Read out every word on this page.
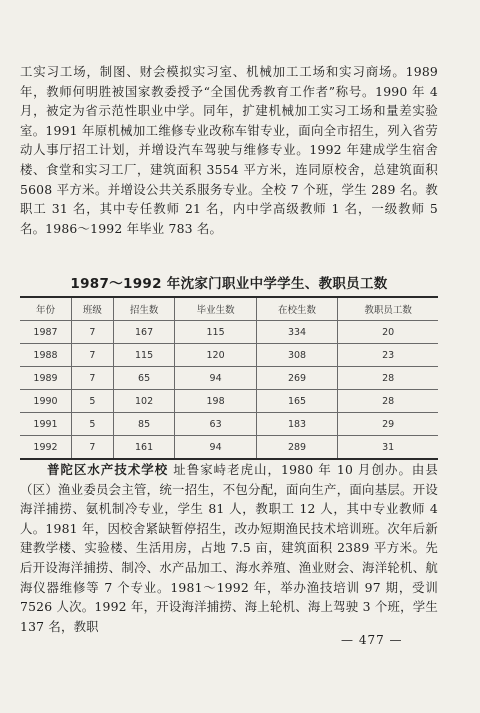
工实习工场，制图、财会模拟实习室、机械加工工场和实习商场。1989 年，教师何明胜被国家教委授予“全国优秀教育工作者”称号。1990 年 4 月，被定为省示范性职业中学。同年，扩建机械加工实习工场和量差实验室。1991 年原机械加工维修专业改称车钳专业，面向全市招生，列入省劳动人事厅招工计划，并增设汽车驾驶与维修专业。1992 年建成学生宿舍楼、食堂和实习工厂，建筑面积 3554 平方米，连同原校舍，总建筑面积 5608 平方米。并增设公共关系服务专业。全校 7 个班，学生 289 名。教职工 31 名，其中专任教师 21 名，内中学高级教师 1 名，一级教师 5 名。1986～1992 年毕业 783 名。

1987～1992 年沈家门职业中学学生、教职员工数
年份	班级	招生数	毕业生数	在校生数	教职员工数
1987	7	167	115	334	20
1988	7	115	120	308	23
1989	7	65	94	269	28
1990	5	102	198	165	28
1991	5	85	63	183	29
1992	7	161	94	289	31

普陀区水产技术学校 址鲁家峙老虎山，1980 年 10 月创办。由县（区）渔业委员会主管，统一招生，不包分配，面向生产，面向基层。开设海洋捕捞、氨机制冷专业，学生 81 人，教职工 12 人，其中专业教师 4 人。1981 年，因校舍紧缺暂停招生，改办短期渔民技术培训班。次年后新建教学楼、实验楼、生活用房，占地 7.5 亩，建筑面积 2389 平方米。先后开设海洋捕捞、制冷、水产品加工、海水养殖、渔业财会、海洋轮机、航海仪器维修等 7 个专业。1981～1992 年，举办渔技培训 97 期，受训 7526 人次。1992 年，开设海洋捕捞、海上轮机、海上驾驶 3 个班，学生 137 名，教职

— 477 —
